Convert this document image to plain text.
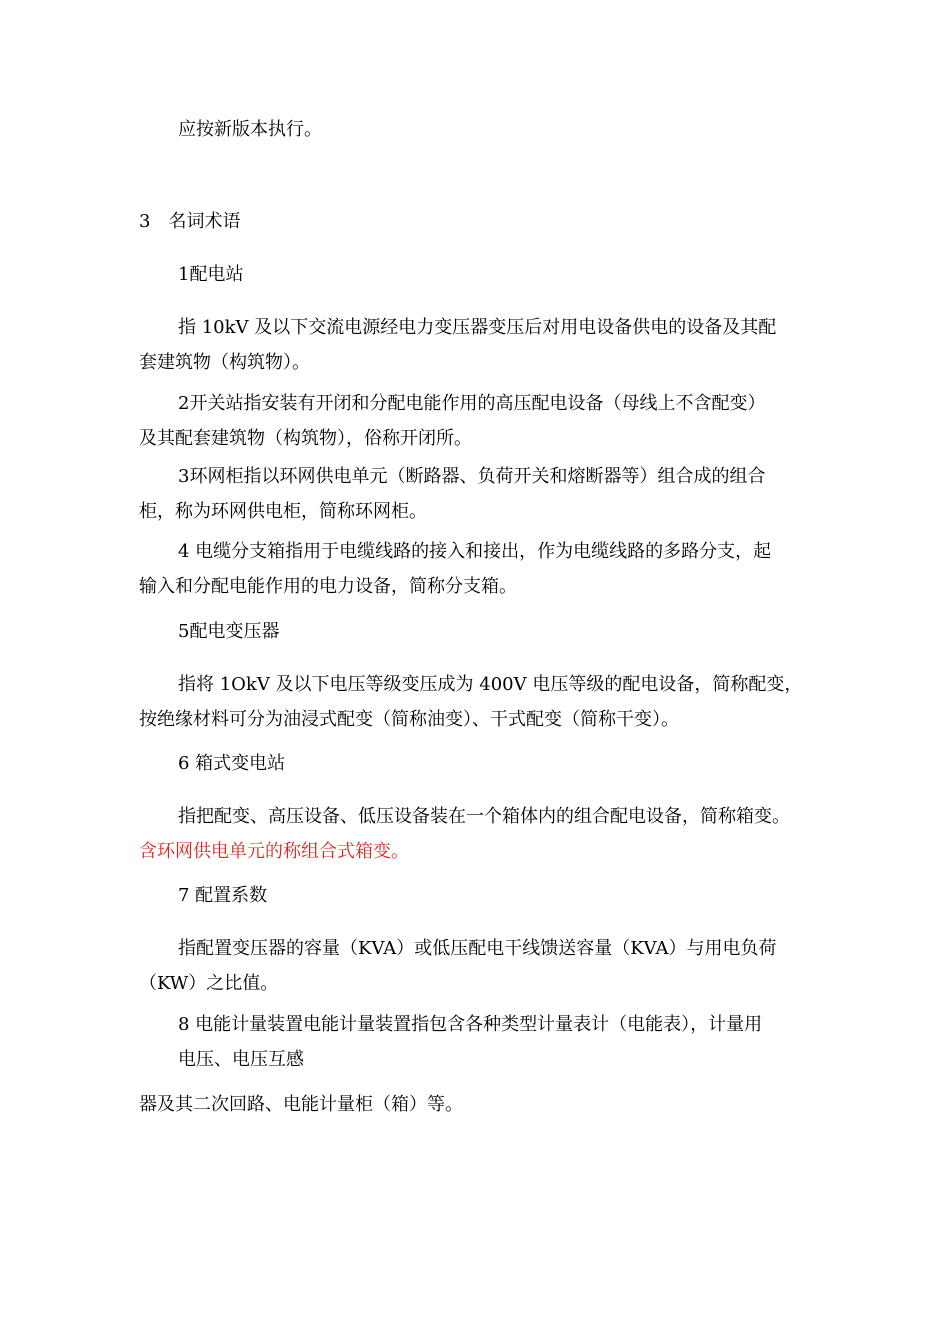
应按新版本执行。
3　名词术语
1配电站
指 10kV 及以下交流电源经电力变压器变压后对用电设备供电的设备及其配
套建筑物（构筑物）。
2开关站指安装有开闭和分配电能作用的高压配电设备（母线上不含配变）
及其配套建筑物（构筑物），俗称开闭所。
3环网柜指以环网供电单元（断路器、负荷开关和熔断器等）组合成的组合
柜，称为环网供电柜，简称环网柜。
4 电缆分支箱指用于电缆线路的接入和接出，作为电缆线路的多路分支，起
输入和分配电能作用的电力设备，简称分支箱。
5配电变压器
指将 1OkV 及以下电压等级变压成为 400V 电压等级的配电设备，简称配变，
按绝缘材料可分为油浸式配变（简称油变）、干式配变（简称干变）。
6 箱式变电站
指把配变、高压设备、低压设备装在一个箱体内的组合配电设备，简称箱变。
含环网供电单元的称组合式箱变。
7 配置系数
指配置变压器的容量（KVA）或低压配电干线馈送容量（KVA）与用电负荷
（KW）之比值。
8 电能计量装置电能计量装置指包含各种类型计量表计（电能表），计量用
电压、电压互感
器及其二次回路、电能计量柜（箱）等。
